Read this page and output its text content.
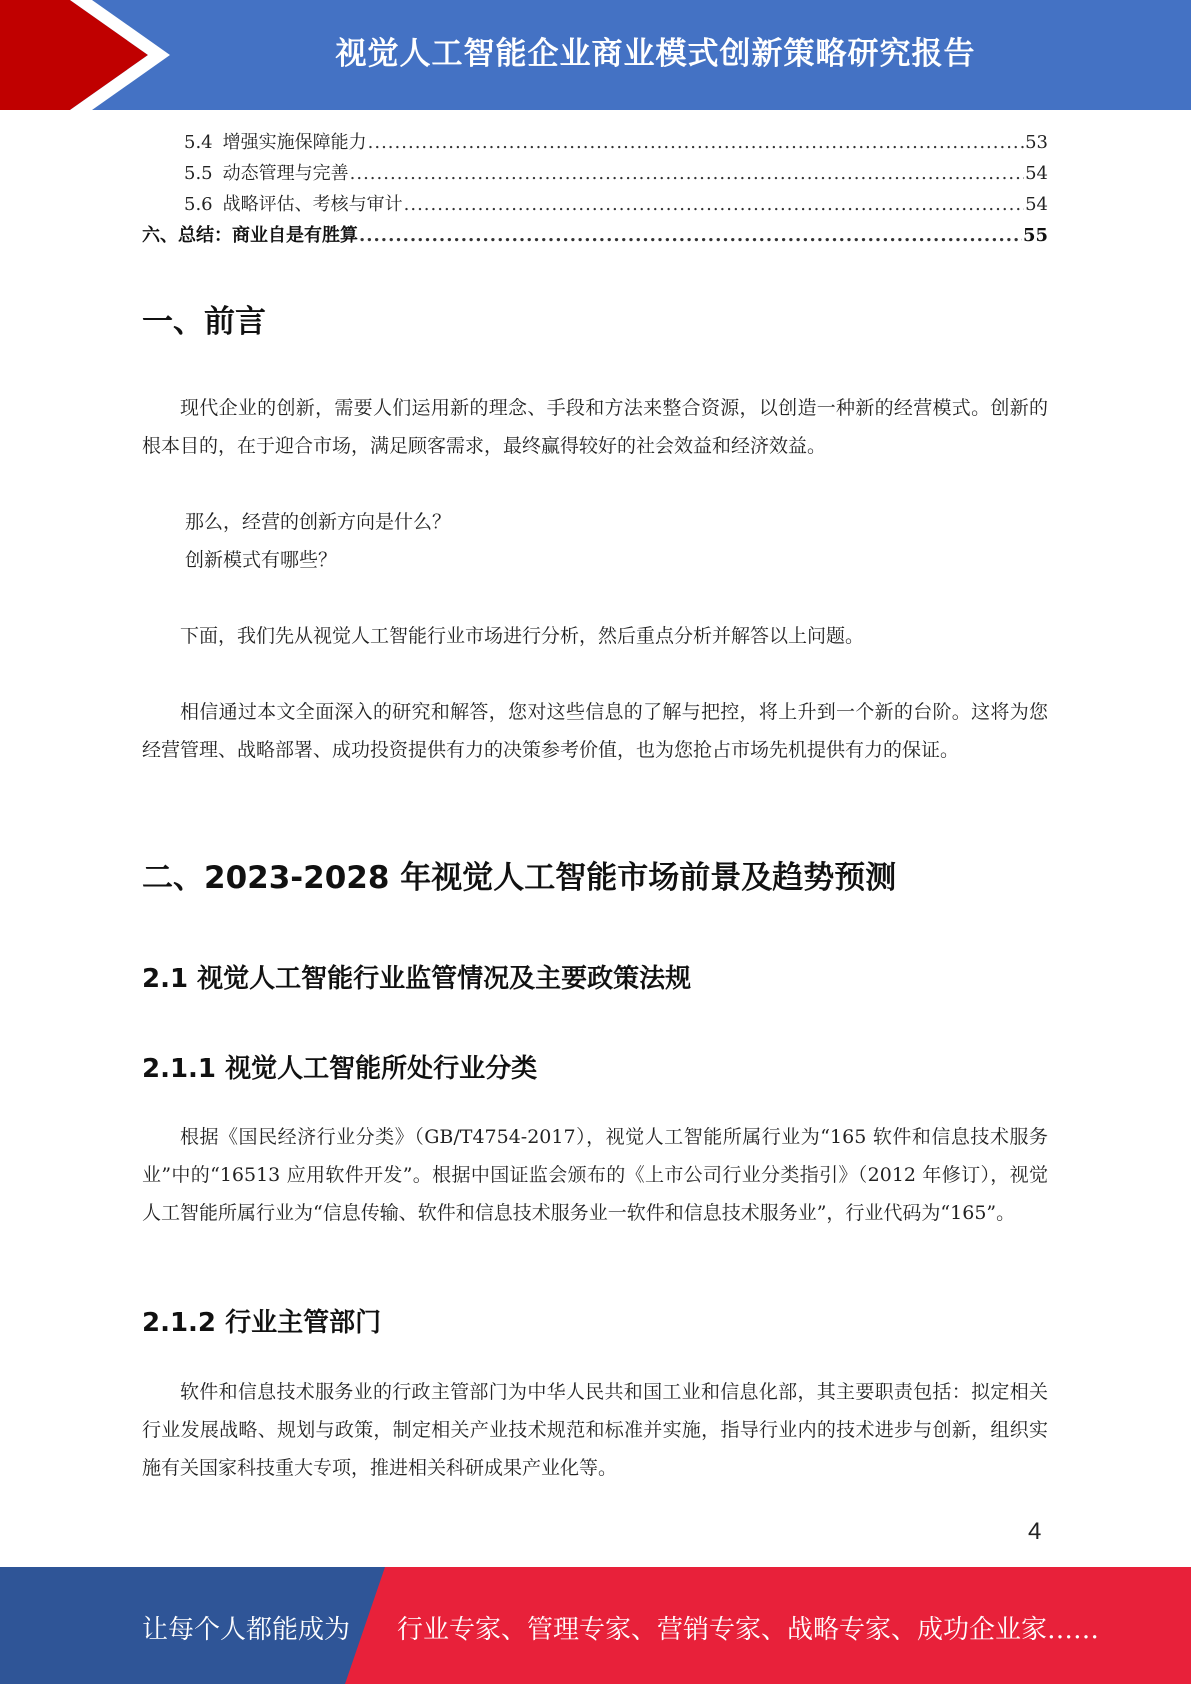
视觉人工智能企业商业模式创新策略研究报告
5.4 增强实施保障能力 .....	53
5.5 动态管理与完善 .....	54
5.6 战略评估、考核与审计 .....	54
六、总结：商业自是有胜算 .....	55
一、前言

现代企业的创新，需要人们运用新的理念、手段和方法来整合资源，以创造一种新的经营模式。创新的根本目的，在于迎合市场，满足顾客需求，最终赢得较好的社会效益和经济效益。

那么，经营的创新方向是什么？

创新模式有哪些？

下面，我们先从视觉人工智能行业市场进行分析，然后重点分析并解答以上问题。

相信通过本文全面深入的研究和解答，您对这些信息的了解与把控，将上升到一个新的台阶。这将为您经营管理、战略部署、成功投资提供有力的决策参考价值，也为您抢占市场先机提供有力的保证。

二、2023-2028 年视觉人工智能市场前景及趋势预测
2.1 视觉人工智能行业监管情况及主要政策法规
2.1.1 视觉人工智能所处行业分类

根据《国民经济行业分类》（GB/T4754-2017），视觉人工智能所属行业为“165 软件和信息技术服务业”中的“16513 应用软件开发”。根据中国证监会颁布的《上市公司行业分类指引》（2012 年修订），视觉人工智能所属行业为“信息传输、软件和信息技术服务业一软件和信息技术服务业”，行业代码为“165”。

2.1.2 行业主管部门

软件和信息技术服务业的行政主管部门为中华人民共和国工业和信息化部，其主要职责包括：拟定相关行业发展战略、规划与政策，制定相关产业技术规范和标准并实施，指导行业内的技术进步与创新，组织实施有关国家科技重大专项，推进相关科研成果产业化等。

4
让每个人都能成为 行业专家、管理专家、营销专家、战略专家、成功企业家……
